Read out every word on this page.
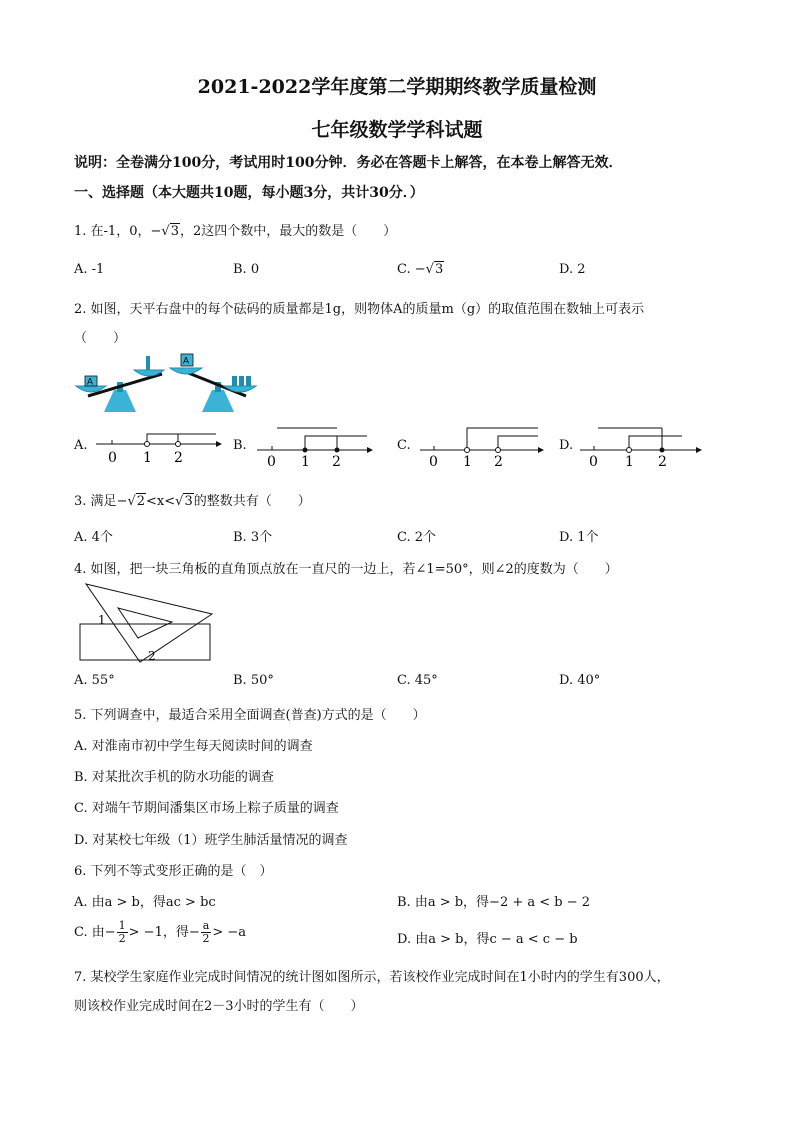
2021-2022学年度第二学期期终教学质量检测
七年级数学学科试题
说明：全卷满分100分，考试用时100分钟．务必在答题卡上解答，在本卷上解答无效．
一、选择题（本大题共10题，每小题3分，共计30分．）
1. 在-1，0，−√3，2这四个数中，最大的数是（　　）
A. -1	B. 0	C. −√3	D. 2
2. 如图，天平右盘中的每个砝码的质量都是1g，则物体A的质量m（g）的取值范围在数轴上可表示
（　　）
A
A
A.
0 1 2
B.
0 1 2
C.
0 1 2
D.
0 1 2
3. 满足−√2<x<√3的整数共有（　　）
A. 4个	B. 3个	C. 2个	D. 1个
4. 如图，把一块三角板的直角顶点放在一直尺的一边上，若∠1=50°，则∠2的度数为（　　）
1
2
A. 55°	B. 50°	C. 45°	D. 40°
5. 下列调查中，最适合采用全面调查(普查)方式的是（　　）
A. 对淮南市初中学生每天阅读时间的调查
B. 对某批次手机的防水功能的调查
C. 对端午节期间潘集区市场上粽子质量的调查
D. 对某校七年级（1）班学生肺活量情况的调查
6. 下列不等式变形正确的是（　）
A. 由a > b，得ac > bc	B. 由a > b，得−2 + a < b − 2
C. 由− $\frac{1}{2} > -1$，得− $\frac{a}{2} > -a$	D. 由a > b，得c − a < c − b
7. 某校学生家庭作业完成时间情况的统计图如图所示，若该校作业完成时间在1小时内的学生有300人，
则该校作业完成时间在2－3小时的学生有（　　）
